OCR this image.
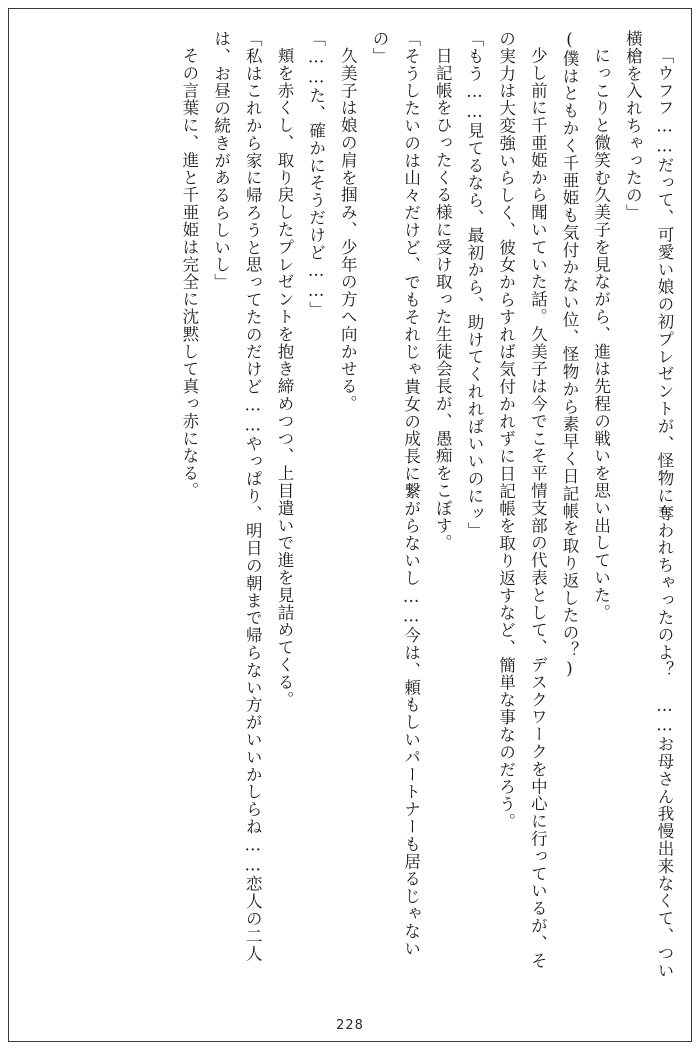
「ウフフ……だって、可愛い娘の初プレゼントが、怪物に奪われちゃったのよ？　……お母さん我慢出来なくて、つい横槍を入れちゃったの」

にっこりと微笑む久美子を見ながら、進は先程の戦いを思い出していた。

(僕はともかく千亜姫も気付かない位、怪物から素早く日記帳を取り返したの？)

少し前に千亜姫から聞いていた話。久美子は今でこそ平情支部の代表として、デスクワークを中心に行っているが、その実力は大変強いらしく、彼女からすれば気付かれずに日記帳を取り返すなど、簡単な事なのだろう。

「もう……見てるなら、最初から、助けてくれればいいのにッ」

日記帳をひったくる様に受け取った生徒会長が、愚痴をこぼす。

「そうしたいのは山々だけど、でもそれじゃ貴女の成長に繋がらないし……今は、頼もしいパートナーも居るじゃないの」

久美子は娘の肩を掴み、少年の方へ向かせる。

「……た、確かにそうだけど……」

頬を赤くし、取り戻したプレゼントを抱き締めつつ、上目遣いで進を見詰めてくる。

「私はこれから家に帰ろうと思ってたのだけど……やっぱり、明日の朝まで帰らない方がいいかしらね……恋人の二人は、お昼の続きがあるらしいし」

その言葉に、進と千亜姫は完全に沈黙して真っ赤になる。

228
